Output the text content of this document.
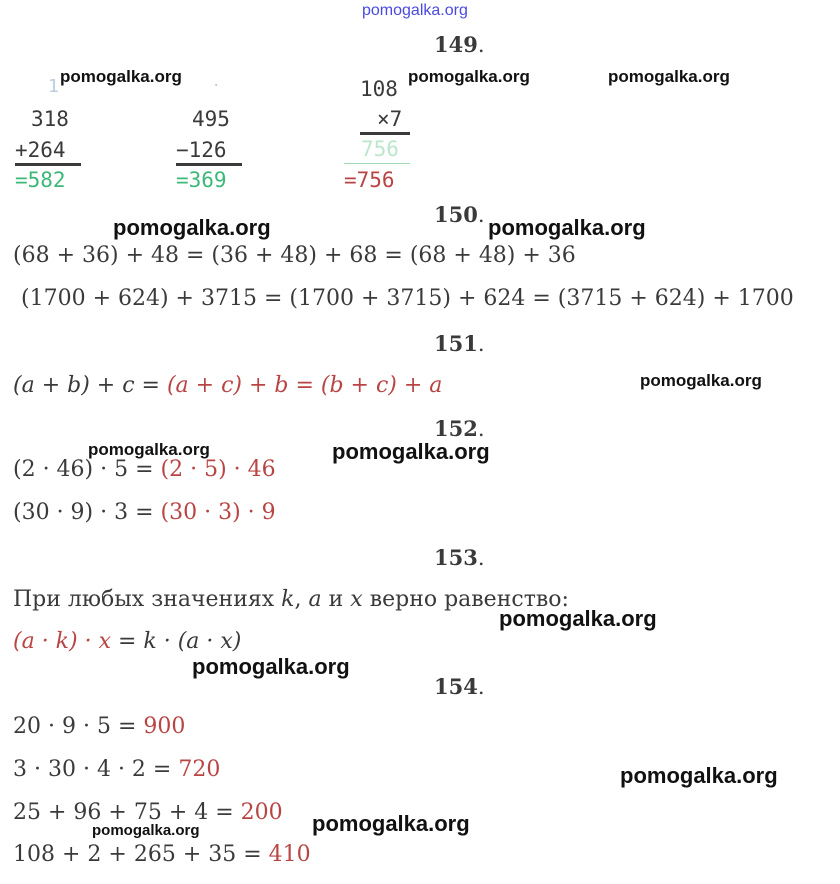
pomogalka.org
149.
pomogalka.org	pomogalka.org	pomogalka.org
1
318
+264
=582
·
495
−126
=369
108
×7
756
=756
150.
pomogalka.org	pomogalka.org
(68 + 36) + 48 = (36 + 48) + 68 = (68 + 48) + 36
(1700 + 624) + 3715 = (1700 + 3715) + 624 = (3715 + 624) + 1700
151.
(a + b) + c = (a + c) + b = (b + c) + a	pomogalka.org
152.
pomogalka.org	pomogalka.org
(2 · 46) · 5 = (2 · 5) · 46
(30 · 9) · 3 = (30 · 3) · 9
153.
При любых значениях k, a и x верно равенство:
pomogalka.org
(a · k) · x = k · (a · x)
pomogalka.org
154.
20 · 9 · 5 = 900
3 · 30 · 4 · 2 = 720	pomogalka.org
25 + 96 + 75 + 4 = 200 pomogalka.org
pomogalka.org
108 + 2 + 265 + 35 = 410
